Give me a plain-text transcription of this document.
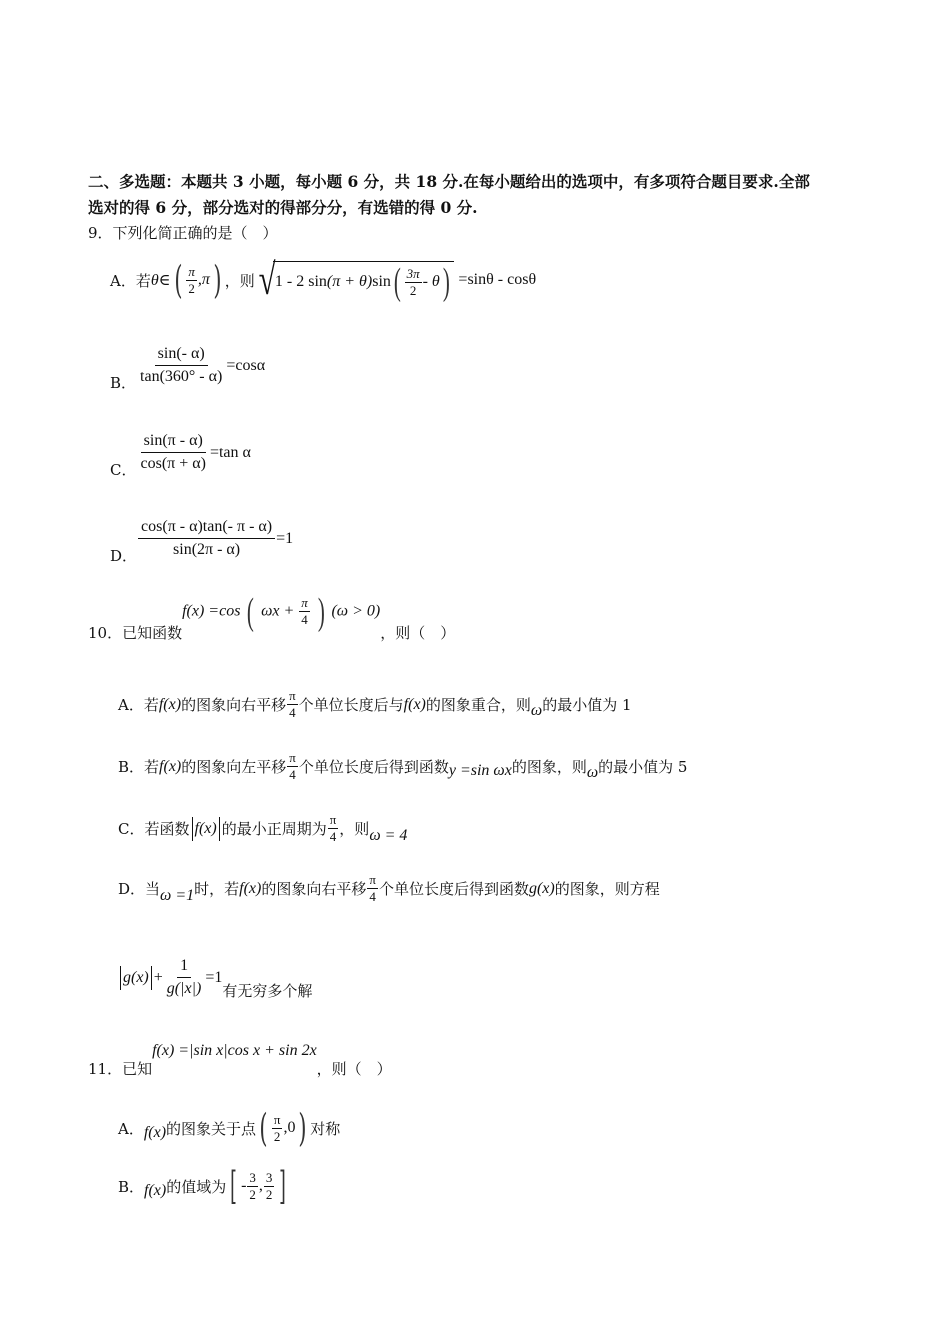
二、多选题：本题共 3 小题，每小题 6 分，共 18 分.在每小题给出的选项中，有多项符合题目要求.全部
选对的得 6 分，部分选对的得部分分，有选错的得 0 分.
9．下列化简正确的是（　）
A．若 θ∈ ( $\frac{\pi}{2} ,\pi$ ) ，则 √ 1 - 2 sin (π + θ) sin ( $\frac{3\pi}{2}$ - θ ) =sinθ - cosθ
B． $\frac{\sin(- \alpha)}{\tan(360^\circ - \alpha)} =\cos\alpha$
C． $\frac{\sin(\pi - \alpha)}{\cos(\pi + \alpha)} =\tan$ α
D． $\frac{\cos(\pi - \alpha)\tan(- \pi - \alpha)}{\sin(2\pi - \alpha)} =1$
10．已知函数
f(x) =cos ( $\omega x + \frac{\pi}{4}$ ) (ω > 0)
，则（　）
A． 若 f(x) 的图象向右平移 $\frac{\pi}{4}$ 个单位长度后与 f(x) 的图象重合，则 ω 的最小值为 1
B． 若 f(x) 的图象向左平移 $\frac{\pi}{4}$ 个单位长度后得到函数 y =sin ωx 的图象，则 ω 的最小值为 5
C． 若函数 f(x) 的最小正周期为 $\frac{\pi}{4}$ ，则 ω = 4
D． 当 ω =1 时，若 f(x) 的图象向右平移 $\frac{\pi}{4}$ 个单位长度后得到函数 g(x) 的图象，则方程
$g(x) + \frac{1}{g(|x|)} =1$
有无穷多个解
11．已知
f(x) =|sin x|cos x + sin 2x
，则（　）
A． f(x) 的图象关于点 ( $\frac{\pi}{2} ,0$ ) 对称
B． f(x) 的值域为 [ - $\frac{3}{2}$ , $\frac{3}{2}$ ]
